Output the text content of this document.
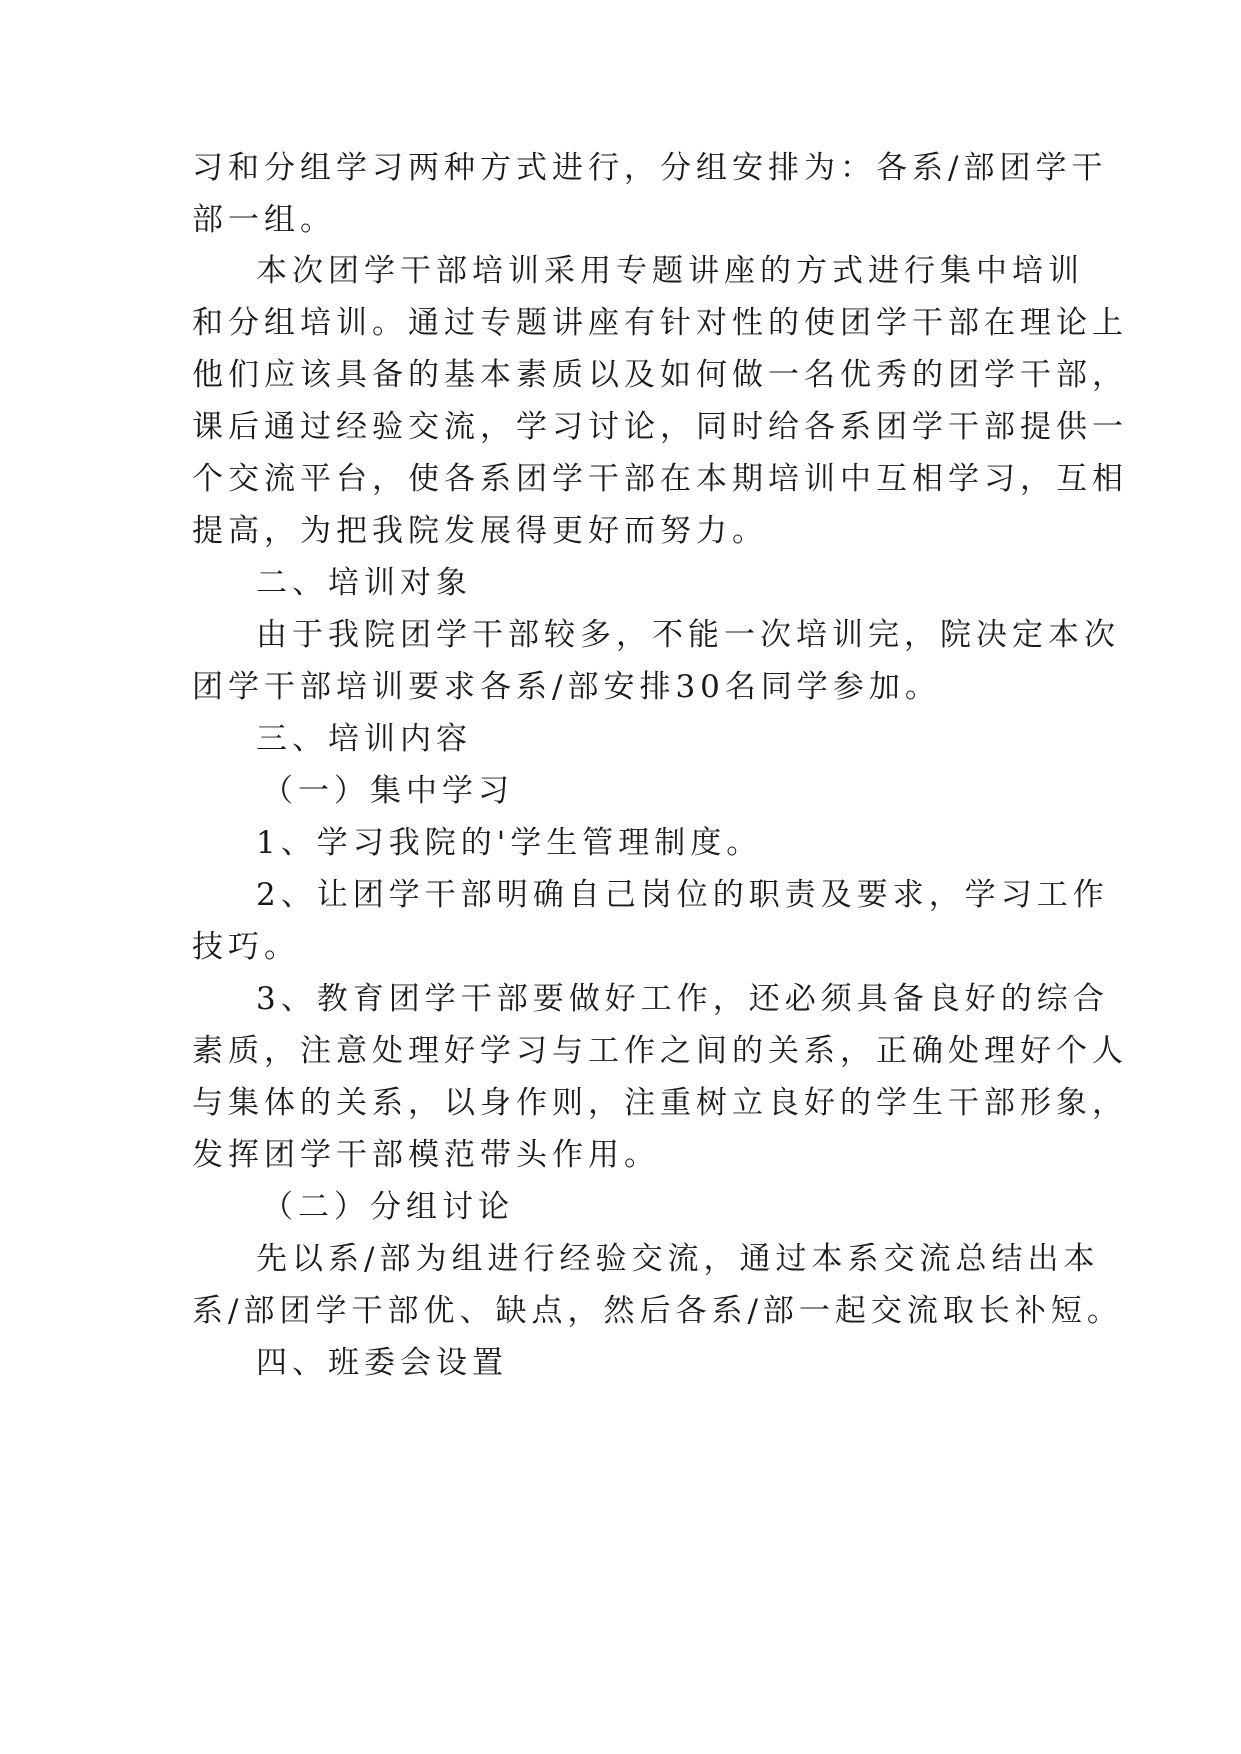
习和分组学习两种方式进行，分组安排为：各系/部团学干
部一组。
本次团学干部培训采用专题讲座的方式进行集中培训
和分组培训。通过专题讲座有针对性的使团学干部在理论上
他们应该具备的基本素质以及如何做一名优秀的团学干部，
课后通过经验交流，学习讨论，同时给各系团学干部提供一
个交流平台，使各系团学干部在本期培训中互相学习，互相
提高，为把我院发展得更好而努力。
二、培训对象
由于我院团学干部较多，不能一次培训完，院决定本次
团学干部培训要求各系/部安排30名同学参加。
三、培训内容
（一）集中学习
1、学习我院的'学生管理制度。
2、让团学干部明确自己岗位的职责及要求，学习工作
技巧。
3、教育团学干部要做好工作，还必须具备良好的综合
素质，注意处理好学习与工作之间的关系，正确处理好个人
与集体的关系，以身作则，注重树立良好的学生干部形象，
发挥团学干部模范带头作用。
（二）分组讨论
先以系/部为组进行经验交流，通过本系交流总结出本
系/部团学干部优、缺点，然后各系/部一起交流取长补短。
四、班委会设置
